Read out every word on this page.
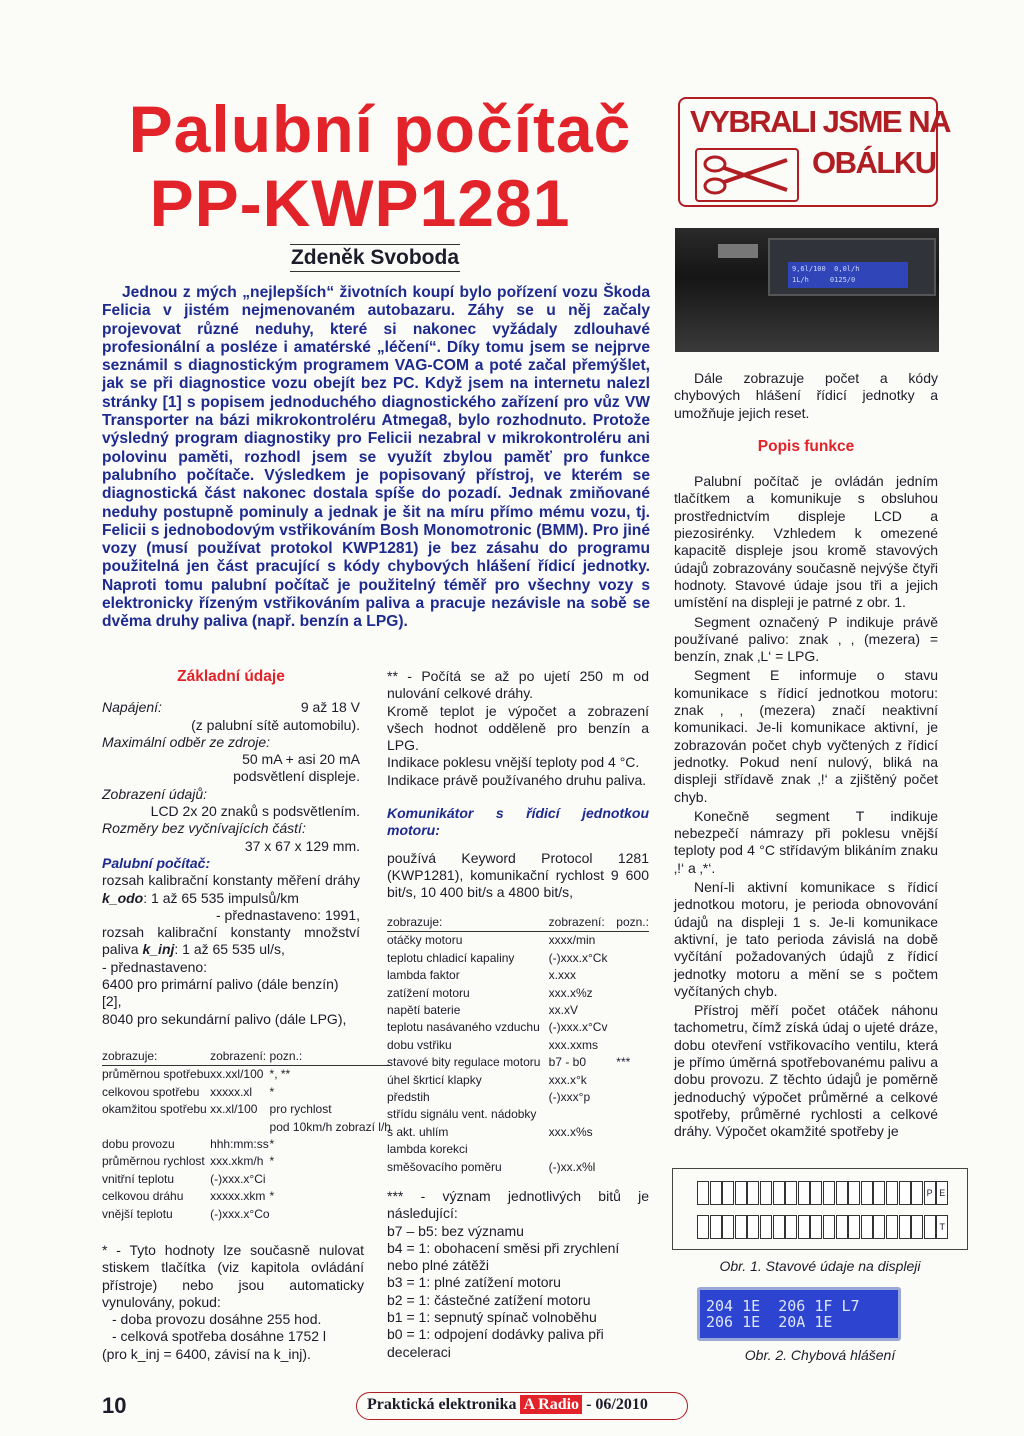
Palubní počítač
PP-KWP1281
Zdeněk Svoboda
Jednou z mých „nejlepších“ životních koupí bylo pořízení vozu Škoda Felicia v jistém nejmenovaném autobazaru. Záhy se u něj začaly projevovat různé neduhy, které si nakonec vyžádaly zdlouhavé profesionální a posléze i amatérské „léčení“. Díky tomu jsem se nejprve seznámil s diagnostickým programem VAG-COM a poté začal přemýšlet, jak se při diagnostice vozu obejít bez PC. Když jsem na internetu nalezl stránky [1] s popisem jednoduchého diagnostického zařízení pro vůz VW Transporter na bázi mikrokontroléru Atmega8, bylo rozhodnuto. Protože výsledný program diagnostiky pro Felicii nezabral v mikrokontroléru ani polovinu paměti, rozhodl jsem se využít zbylou paměť pro funkce palubního počítače. Výsledkem je popisovaný přístroj, ve kterém se diagnostická část nakonec dostala spíše do pozadí. Jednak zmiňované neduhy postupně pominuly a jednak je šit na míru přímo mému vozu, tj. Felicii s jednobodovým vstřikováním Bosh Monomotronic (BMM). Pro jiné vozy (musí používat protokol KWP1281) je bez zásahu do programu použitelná jen část pracující s kódy chybových hlášení řídicí jednotky. Naproti tomu palubní počítač je použitelný téměř pro všechny vozy s elektronicky řízeným vstřikováním paliva a pracuje nezávisle na sobě se dvěma druhy paliva (např. benzín a LPG).
VYBRALI JSME NA
OBÁLKU
9,6l/100  0,0l/h
1L/h     0125/0
Základní údaje
Napájení:	9 až 18 V
(z palubní sítě automobilu).
Maximální odběr ze zdroje:
50 mA + asi 20 mA
podsvětlení displeje.
Zobrazení údajů:
LCD 2x 20 znaků s podsvětlením.
Rozměry bez vyčnívajících částí:
37 x 67 x 129 mm.
Palubní počítač:
rozsah kalibrační konstanty měření dráhy k_odo: 1 až 65 535 impulsů/km
- přednastaveno: 1991,
rozsah kalibrační konstanty množství paliva k_inj: 1 až 65 535 ul/s,
- přednastaveno:
6400 pro primární palivo (dále benzín) [2],
8040 pro sekundární palivo (dále LPG),
zobrazuje:	zobrazení:	pozn.:
průměrnou spotřebu	xx.xxl/100	*, **
celkovou spotřebu	xxxxx.xl	*
okamžitou spotřebu	xx.xl/100	pro rychlost
		pod 10km/h zobrazí l/h
dobu provozu	hhh:mm:ss	*
průměrnou rychlost	xxx.xkm/h	*
vnitřní teplotu	(-)xxx.x°Ci	
celkovou dráhu	xxxxx.xkm	*
vnější teplotu	(-)xxx.x°Co	
* - Tyto hodnoty lze současně nulovat stiskem tlačítka (viz kapitola ovládání přístroje) nebo jsou automaticky vynulovány, pokud:
- doba provozu dosáhne 255 hod.
- celková spotřeba dosáhne 1752 l
(pro k_inj = 6400, závisí na k_inj).
** - Počítá se až po ujetí 250 m od nulování celkové dráhy.
Kromě teplot je výpočet a zobrazení všech hodnot odděleně pro benzín a LPG.
Indikace poklesu vnější teploty pod 4 °C.
Indikace právě používaného druhu paliva.
Komunikátor s řídicí jednotkou motoru:
používá Keyword Protocol 1281 (KWP1281), komunikační rychlost 9 600 bit/s, 10 400 bit/s a 4800 bit/s,
zobrazuje:	zobrazení:	pozn.:
otáčky motoru	xxxx/min	
teplotu chladicí kapaliny	(-)xxx.x°Ck	
lambda faktor	x.xxx	
zatížení motoru	xxx.x%z	
napětí baterie	xx.xV	
teplotu nasávaného vzduchu	(-)xxx.x°Cv	
dobu vstřiku	xxx.xxms	
stavové bity regulace motoru	b7 - b0	***
úhel škrticí klapky	xxx.x°k	
předstih	(-)xxx°p	
střídu signálu vent. nádobky		
s akt. uhlím	xxx.x%s	
lambda korekci		
směšovacího poměru	(-)xx.x%l	
*** - význam jednotlivých bitů je následující:
b7 – b5: bez významu
b4 = 1: obohacení směsi při zrychlení nebo plné zátěži
b3 = 1: plné zatížení motoru
b2 = 1: částečné zatížení motoru
b1 = 1: sepnutý spínač volnoběhu
b0 = 1: odpojení dodávky paliva při deceleraci
Dále zobrazuje počet a kódy chybových hlášení řídicí jednotky a umožňuje jejich reset.
Popis funkce
Palubní počítač je ovládán jedním tlačítkem a komunikuje s obsluhou prostřednictvím displeje LCD a piezosirénky. Vzhledem k omezené kapacitě displeje jsou kromě stavových údajů zobrazovány současně nejvýše čtyři hodnoty. Stavové údaje jsou tři a jejich umístění na displeji je patrné z obr. 1.
Segment označený P indikuje právě používané palivo: znak ‚ ‚ (mezera) = benzín, znak ‚L‘ = LPG.
Segment E informuje o stavu komunikace s řídicí jednotkou motoru: znak ‚ ‚ (mezera) značí neaktivní komunikaci. Je-li komunikace aktivní, je zobrazován počet chyb vyčtených z řídicí jednotky. Pokud není nulový, bliká na displeji střídavě znak ‚!‘ a zjištěný počet chyb.
Konečně segment T indikuje nebezpečí námrazy při poklesu vnější teploty pod 4 °C střídavým blikáním znaku ‚!‘ a ‚*‘.
Není-li aktivní komunikace s řídicí jednotkou motoru, je perioda obnovování údajů na displeji 1 s. Je-li komunikace aktivní, je tato perioda závislá na době vyčítání požadovaných údajů z řídicí jednotky motoru a mění se s počtem vyčítaných chyb.
Přístroj měří počet otáček náhonu tachometru, čímž získá údaj o ujeté dráze, dobu otevření vstřikovacího ventilu, která je přímo úměrná spotřebovanému palivu a dobu provozu. Z těchto údajů je poměrně jednoduchý výpočet průměrné a celkové spotřeby, průměrné rychlosti a celkové dráhy. Výpočet okamžité spotřeby je
P E
T
Obr. 1. Stavové údaje na displeji
204 1E  206 1F L7
206 1E  20A 1E
Obr. 2. Chybová hlášení
10	Praktická elektronika A Radio - 06/2010
